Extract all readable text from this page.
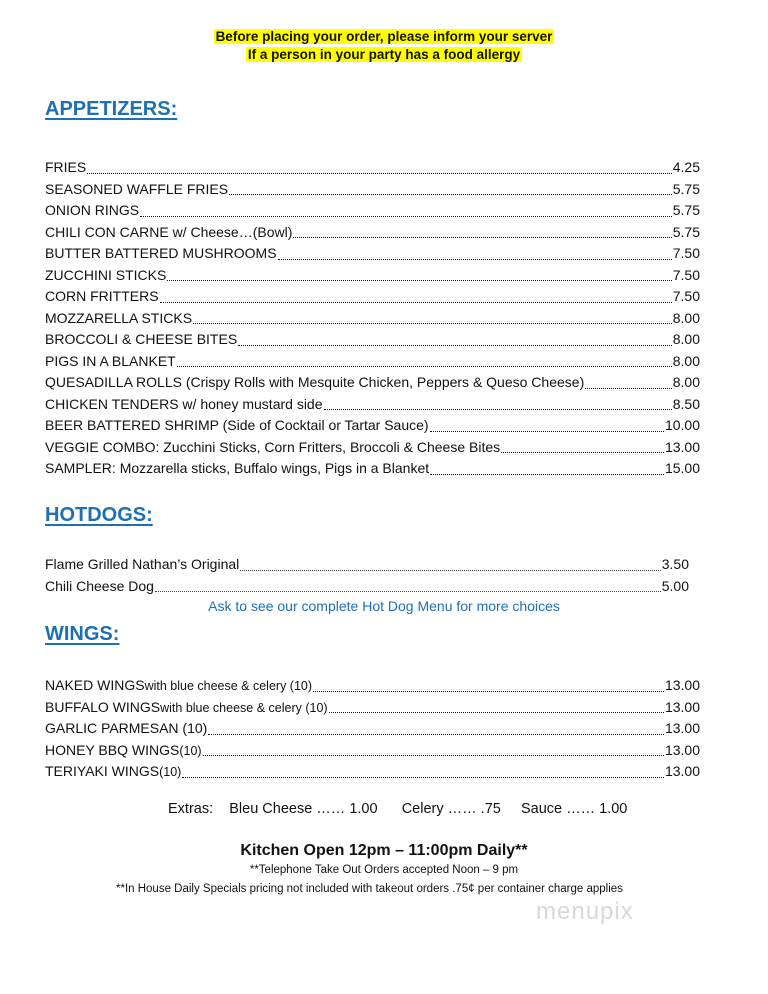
Before placing your order, please inform your server
If a person in your party has a food allergy
APPETIZERS:
FRIES	4.25
SEASONED WAFFLE FRIES	5.75
ONION RINGS	5.75
CHILI CON CARNE w/ Cheese…(Bowl)	5.75
BUTTER BATTERED MUSHROOMS	7.50
ZUCCHINI STICKS	7.50
CORN FRITTERS	7.50
MOZZARELLA STICKS	8.00
BROCCOLI & CHEESE BITES	8.00
PIGS IN A BLANKET	8.00
QUESADILLA ROLLS (Crispy Rolls with Mesquite Chicken, Peppers & Queso Cheese)	8.00
CHICKEN TENDERS w/ honey mustard side	8.50
BEER BATTERED SHRIMP (Side of Cocktail or Tartar Sauce)	10.00
VEGGIE COMBO: Zucchini Sticks, Corn Fritters, Broccoli & Cheese Bites	13.00
SAMPLER: Mozzarella sticks, Buffalo wings, Pigs in a Blanket	15.00
HOTDOGS:
Flame Grilled Nathan’s Original	3.50
Chili Cheese Dog	5.00
Ask to see our complete Hot Dog Menu for more choices
WINGS:
NAKED WINGS with blue cheese & celery (10)	13.00
BUFFALO WINGS with blue cheese & celery (10)	13.00
GARLIC PARMESAN (10)	13.00
HONEY BBQ WINGS (10)	13.00
TERIYAKI WINGS (10)	13.00
Extras:    Bleu Cheese …… 1.00      Celery …… .75     Sauce …… 1.00
Kitchen Open 12pm – 11:00pm Daily**
**Telephone Take Out Orders accepted Noon – 9 pm
**In House Daily Specials pricing not included with takeout orders .75¢ per container charge applies
menupix
